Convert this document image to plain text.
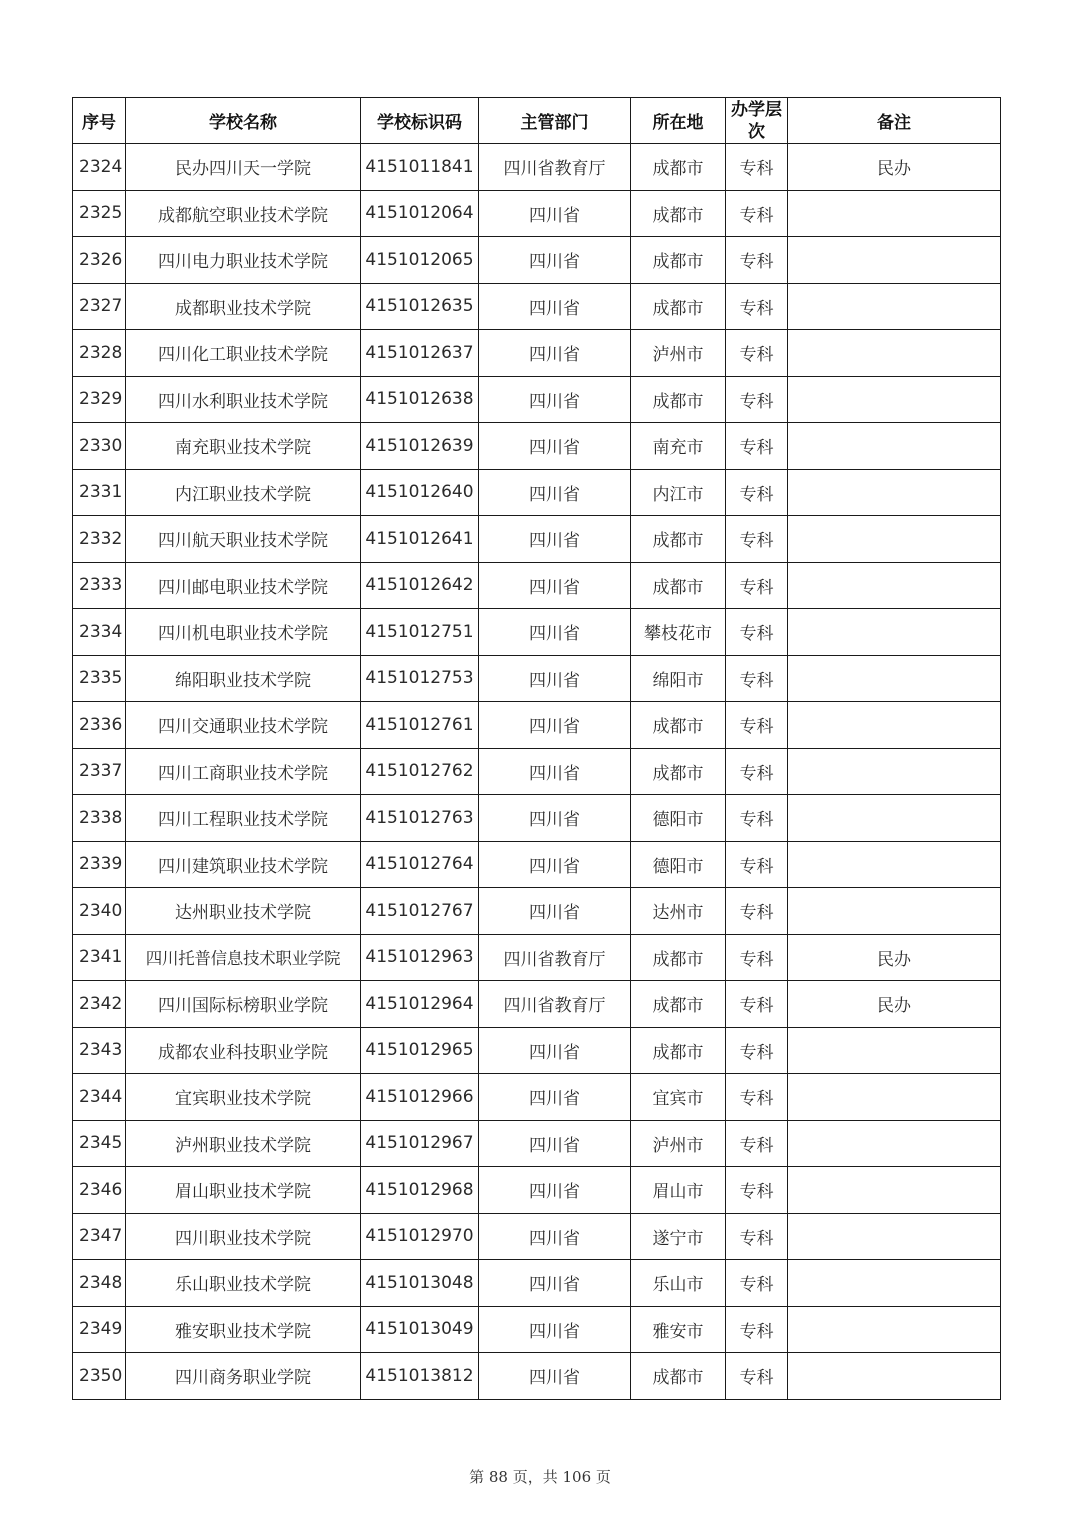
序号	学校名称	学校标识码	主管部门	所在地	办学层次	备注
2324	民办四川天一学院	4151011841	四川省教育厅	成都市	专科	民办
2325	成都航空职业技术学院	4151012064	四川省	成都市	专科	
2326	四川电力职业技术学院	4151012065	四川省	成都市	专科	
2327	成都职业技术学院	4151012635	四川省	成都市	专科	
2328	四川化工职业技术学院	4151012637	四川省	泸州市	专科	
2329	四川水利职业技术学院	4151012638	四川省	成都市	专科	
2330	南充职业技术学院	4151012639	四川省	南充市	专科	
2331	内江职业技术学院	4151012640	四川省	内江市	专科	
2332	四川航天职业技术学院	4151012641	四川省	成都市	专科	
2333	四川邮电职业技术学院	4151012642	四川省	成都市	专科	
2334	四川机电职业技术学院	4151012751	四川省	攀枝花市	专科	
2335	绵阳职业技术学院	4151012753	四川省	绵阳市	专科	
2336	四川交通职业技术学院	4151012761	四川省	成都市	专科	
2337	四川工商职业技术学院	4151012762	四川省	成都市	专科	
2338	四川工程职业技术学院	4151012763	四川省	德阳市	专科	
2339	四川建筑职业技术学院	4151012764	四川省	德阳市	专科	
2340	达州职业技术学院	4151012767	四川省	达州市	专科	
2341	四川托普信息技术职业学院	4151012963	四川省教育厅	成都市	专科	民办
2342	四川国际标榜职业学院	4151012964	四川省教育厅	成都市	专科	民办
2343	成都农业科技职业学院	4151012965	四川省	成都市	专科	
2344	宜宾职业技术学院	4151012966	四川省	宜宾市	专科	
2345	泸州职业技术学院	4151012967	四川省	泸州市	专科	
2346	眉山职业技术学院	4151012968	四川省	眉山市	专科	
2347	四川职业技术学院	4151012970	四川省	遂宁市	专科	
2348	乐山职业技术学院	4151013048	四川省	乐山市	专科	
2349	雅安职业技术学院	4151013049	四川省	雅安市	专科	
2350	四川商务职业学院	4151013812	四川省	成都市	专科	
第 88 页，共 106 页
